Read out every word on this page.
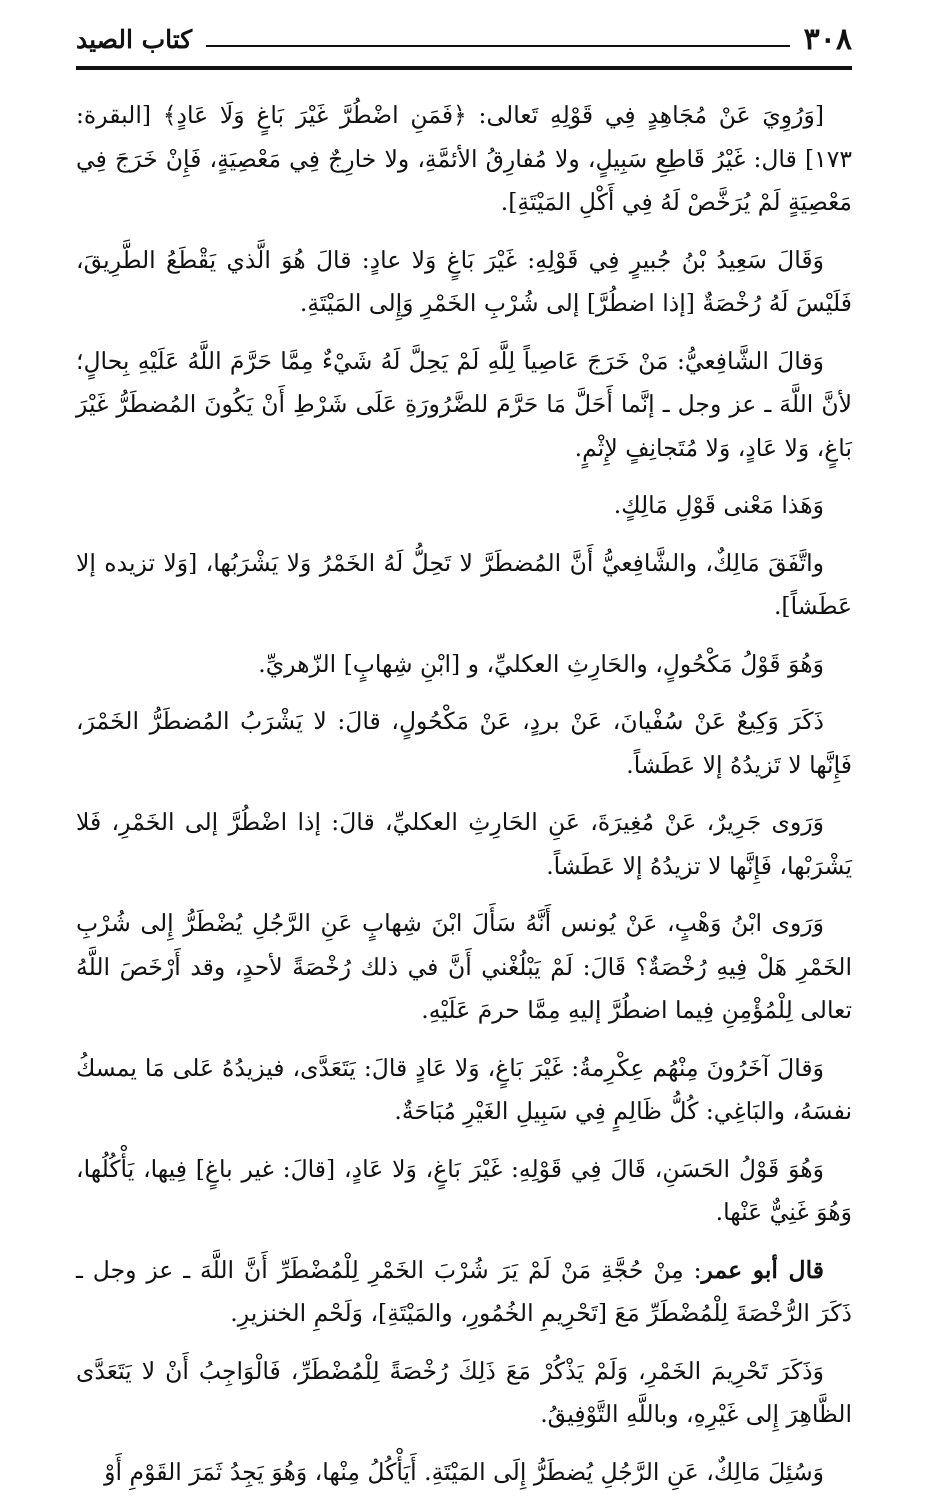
٣٠٨
كتاب الصيد

[وَرُوِيَ عَنْ مُجَاهِدٍ فِي قَوْلِهِ تَعالى: ﴿فَمَنِ اضْطُرَّ غَيْرَ بَاغٍ وَلَا عَادٍ﴾ [البقرة: ١٧٣] قال: غَيْرُ قَاطِعِ سَبِيلٍ، ولا مُفارِقُ الأئمَّةِ، ولا خارِجٌ فِي مَعْصِيَةٍ، فَإِنْ خَرَجَ فِي مَعْصِيَةٍ لَمْ يُرَخَّصْ لَهُ فِي أَكْلِ المَيْتَةِ].

وَقَالَ سَعِيدُ بْنُ جُبيرٍ فِي قَوْلِهِ: غَيْرَ بَاغٍ وَلا عادٍ: قالَ هُوَ الَّذي يَقْطَعُ الطَّرِيقَ، فَلَيْسَ لَهُ رُخْصَةٌ [إذا اضطُرَّ] إلى شُرْبِ الخَمْرِ وَإِلى المَيْتَةِ.

وَقالَ الشَّافِعيُّ: مَنْ خَرَجَ عَاصِياً لِلَّهِ لَمْ يَحِلَّ لَهُ شَيْءٌ مِمَّا حَرَّمَ اللَّهُ عَلَيْهِ بِحالٍ؛ لأنَّ اللَّهَ ـ عز وجل ـ إنَّما أَحَلَّ مَا حَرَّمَ للضَّرُورَةِ عَلَى شَرْطِ أَنْ يَكُونَ المُضطَرُّ غَيْرَ بَاغٍ، وَلا عَادٍ، وَلا مُتَجانِفٍ لإِثْمٍ.

وَهَذا مَعْنى قَوْلِ مَالِكٍ.

واتَّفَقَ مَالِكٌ، والشَّافِعيُّ أَنَّ المُضطَرَّ لا تَحِلُّ لَهُ الخَمْرُ وَلا يَشْرَبُها، [وَلا تزيده إلا عَطَشاً].

وَهُوَ قَوْلُ مَكْحُولٍ، والحَارِثِ العكليِّ، و [ابْنِ شِهابٍ] الزّهريِّ.

ذَكَرَ وَكِيعٌ عَنْ سُفْيانَ، عَنْ بردٍ، عَنْ مَكْحُولٍ، قالَ: لا يَشْرَبُ المُضطَرُّ الخَمْرَ، فَإِنَّها لا تَزيدُهُ إلا عَطَشاً.

وَرَوى جَرِيرٌ، عَنْ مُغِيرَةَ، عَنِ الحَارِثِ العكليِّ، قالَ: إذا اضْطُرَّ إلى الخَمْرِ، فَلا يَشْرَبْها، فَإِنَّها لا تزيدُهُ إلا عَطَشاً.

وَرَوى ابْنُ وَهْبٍ، عَنْ يُونس أَنَّهُ سَأَلَ ابْنَ شِهابٍ عَنِ الرَّجُلِ يُضْطَرُّ إِلى شُرْبِ الخَمْرِ هَلْ فِيهِ رُخْصَةٌ؟ قَالَ: لَمْ يَبْلُغْني أَنَّ في ذلك رُخْصَةً لأحدٍ، وقد أَرْخَصَ اللَّهُ تعالى لِلْمُؤْمِنِ فِيما اضطُرَّ إليهِ مِمَّا حرمَ عَلَيْهِ.

وَقالَ آخَرُونَ مِنْهُم عِكْرِمةُ: غَيْرَ بَاغٍ، وَلا عَادٍ قالَ: يَتَعَدَّى، فيزيدُهُ عَلى مَا يمسكُ نفسَهُ، والبَاغِي: كُلُّ ظَالِمٍ فِي سَبِيلِ الغَيْرِ مُبَاحَةٌ.

وَهُوَ قَوْلُ الحَسَنِ، قَالَ فِي قَوْلِهِ: غَيْرَ بَاغٍ، وَلا عَادٍ، [قالَ: غير باغٍ] فِيها، يَأْكُلُها، وَهُوَ غَنِيٌّ عَنْها.

قال أبو عمر: مِنْ حُجَّةِ مَنْ لَمْ يَرَ شُرْبَ الخَمْرِ لِلْمُضْطَرِّ أَنَّ اللَّهَ ـ عز وجل ـ ذَكَرَ الرُّخْصَةَ لِلْمُضْطَرِّ مَعَ [تَحْرِيمِ الخُمُورِ، والمَيْتَةِ]، وَلَحْمِ الخنزيرِ.

وَذَكَرَ تَحْرِيمَ الخَمْرِ، وَلَمْ يَذْكُرْ مَعَ ذَلِكَ رُخْصَةً لِلْمُضْطَرِّ، فَالْوَاجِبُ أَنْ لا يَتَعَدَّى الظَّاهِرَ إِلى غَيْرِهِ، وباللَّهِ التَّوْفِيقُ.

وَسُئِلَ مَالِكٌ، عَنِ الرَّجُلِ يُضطَرُّ إِلَى المَيْتَةِ. أَيَأْكُلُ مِنْها، وَهُوَ يَجِدُ ثَمَرَ القَوْمِ أَوْ
